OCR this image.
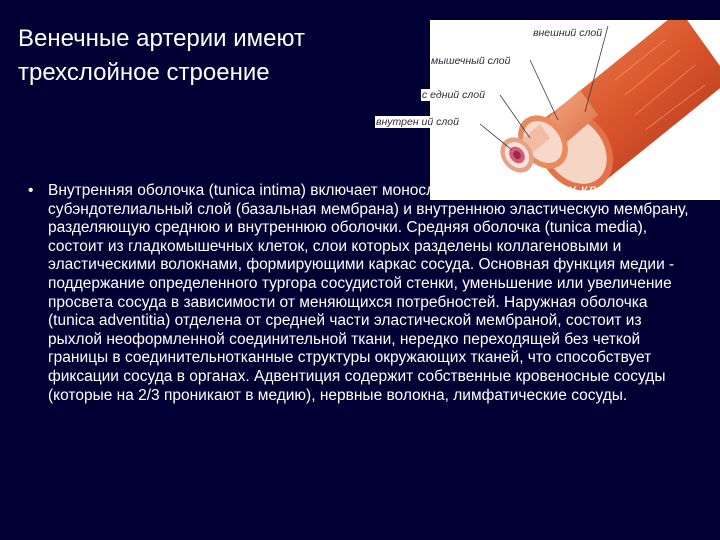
Венечные артерии имеют
трехслойное строение
внешний слой
мышечный слой
с едний слой
внутрен ий слой
• Внутренняя оболочка (tunica intima) включает монослой эндотелиальных клеток, субэндотелиальный слой (базальная мембрана) и внутреннюю эластическую мембрану, разделяющую среднюю и внутреннюю оболочки. Средняя оболочка (tunica media), состоит из гладкомышечных клеток, слои которых разделены коллагеновыми и эластическими волокнами, формирующими каркас сосуда. Основная функция медии - поддержание определенного тургора сосудистой стенки, уменьшение или увеличение просвета сосуда в зависимости от меняющихся потребностей. Наружная оболочка (tunica adventitia) отделена от средней части эластической мембраной, состоит из рыхлой неоформленной соединительной ткани, нередко переходящей без четкой границы в соединительнотканные структуры окружающих тканей, что способствует фиксации сосуда в органах. Адвентиция содержит собственные кровеносные сосуды (которые на 2/3 проникают в медию), нервные волокна, лимфатические сосуды.
